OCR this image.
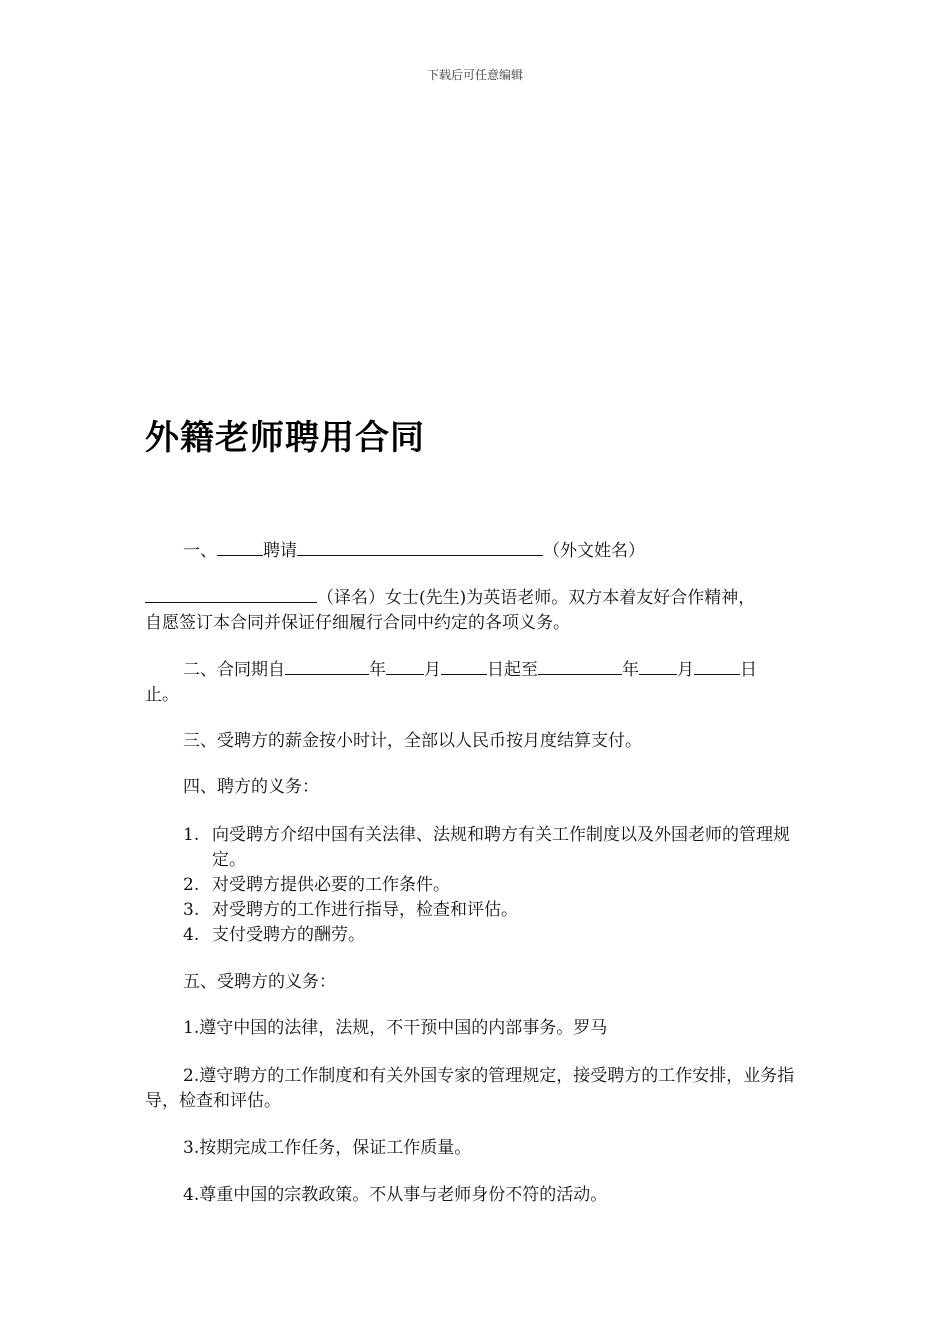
下载后可任意编辑
外籍老师聘用合同
一、	聘请	（外文姓名）
（译名）女士(先生)为英语老师。双方本着友好合作精神，
自愿签订本合同并保证仔细履行合同中约定的各项义务。
二、合同期自	年 月	日起至	年 月	日
止。
三、受聘方的薪金按小时计，全部以人民币按月度结算支付。
四、聘方的义务：
1. 向受聘方介绍中国有关法律、法规和聘方有关工作制度以及外国老师的管理规定。
2. 对受聘方提供必要的工作条件。
3. 对受聘方的工作进行指导，检查和评估。
4. 支付受聘方的酬劳。
五、受聘方的义务：
1.遵守中国的法律，法规，不干预中国的内部事务。罗马
2.遵守聘方的工作制度和有关外国专家的管理规定，接受聘方的工作安排，业务指导，检查和评估。
3.按期完成工作任务，保证工作质量。
4.尊重中国的宗教政策。不从事与老师身份不符的活动。
